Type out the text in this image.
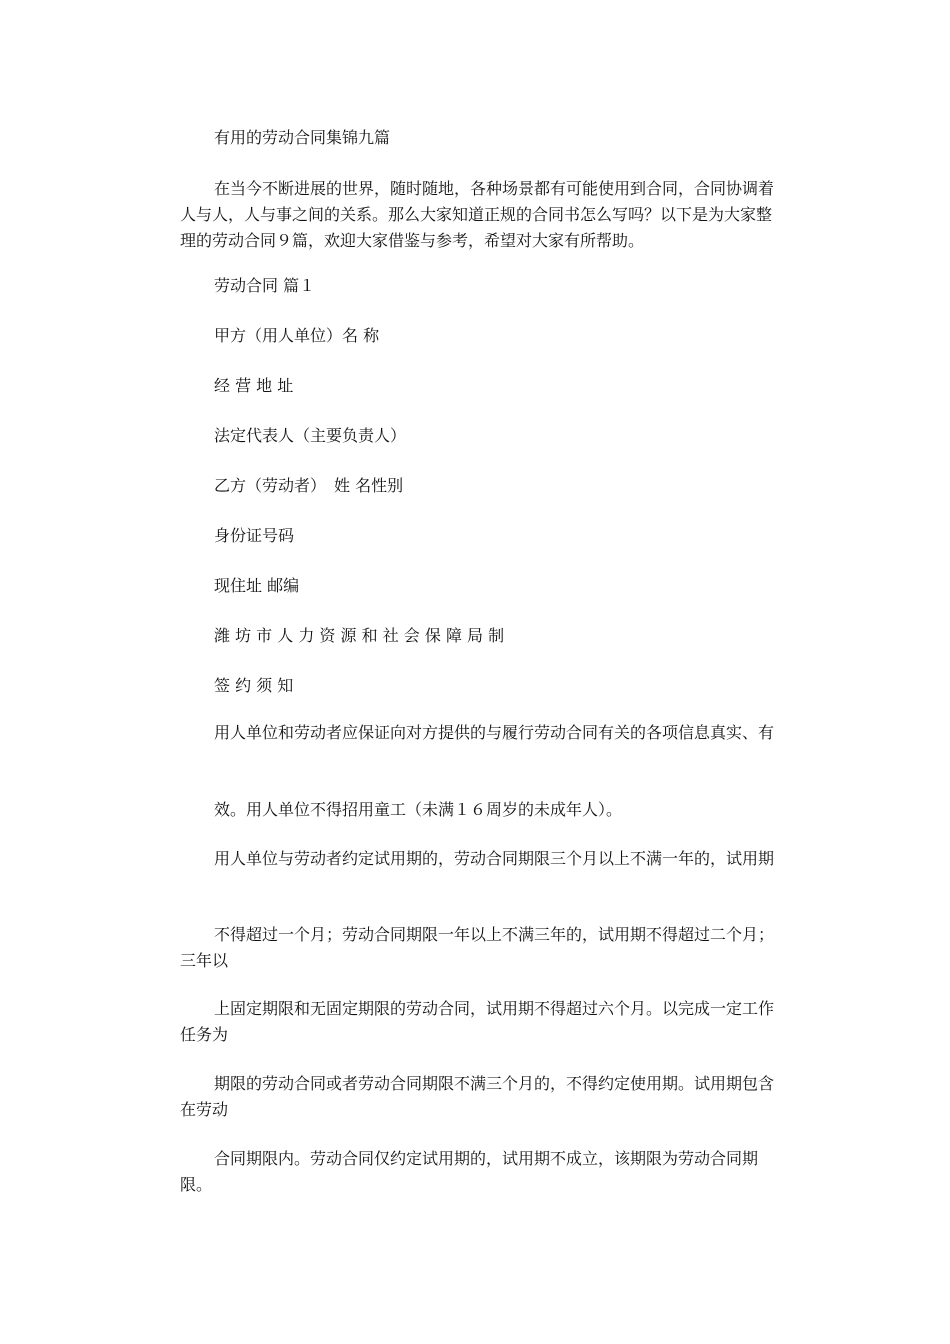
有用的劳动合同集锦九篇
在当今不断进展的世界，随时随地，各种场景都有可能使用到合同，合同协调着人与人，人与事之间的关系。那么大家知道正规的合同书怎么写吗？以下是为大家整理的劳动合同９篇，欢迎大家借鉴与参考，希望对大家有所帮助。
劳动合同 篇１
甲方（用人单位）名 称
经 营 地 址
法定代表人（主要负责人）
乙方（劳动者）　姓 名性别
身份证号码
现住址 邮编
潍 坊 市 人 力 资 源 和 社 会 保 障 局 制
签 约 须 知
用人单位和劳动者应保证向对方提供的与履行劳动合同有关的各项信息真实、有
效。用人单位不得招用童工（未满１６周岁的未成年人）。
用人单位与劳动者约定试用期的，劳动合同期限三个月以上不满一年的，试用期
不得超过一个月；劳动合同期限一年以上不满三年的，试用期不得超过二个月；三年以
上固定期限和无固定期限的劳动合同，试用期不得超过六个月。以完成一定工作任务为
期限的劳动合同或者劳动合同期限不满三个月的，不得约定使用期。试用期包含在劳动
合同期限内。劳动合同仅约定试用期的，试用期不成立，该期限为劳动合同期限。
